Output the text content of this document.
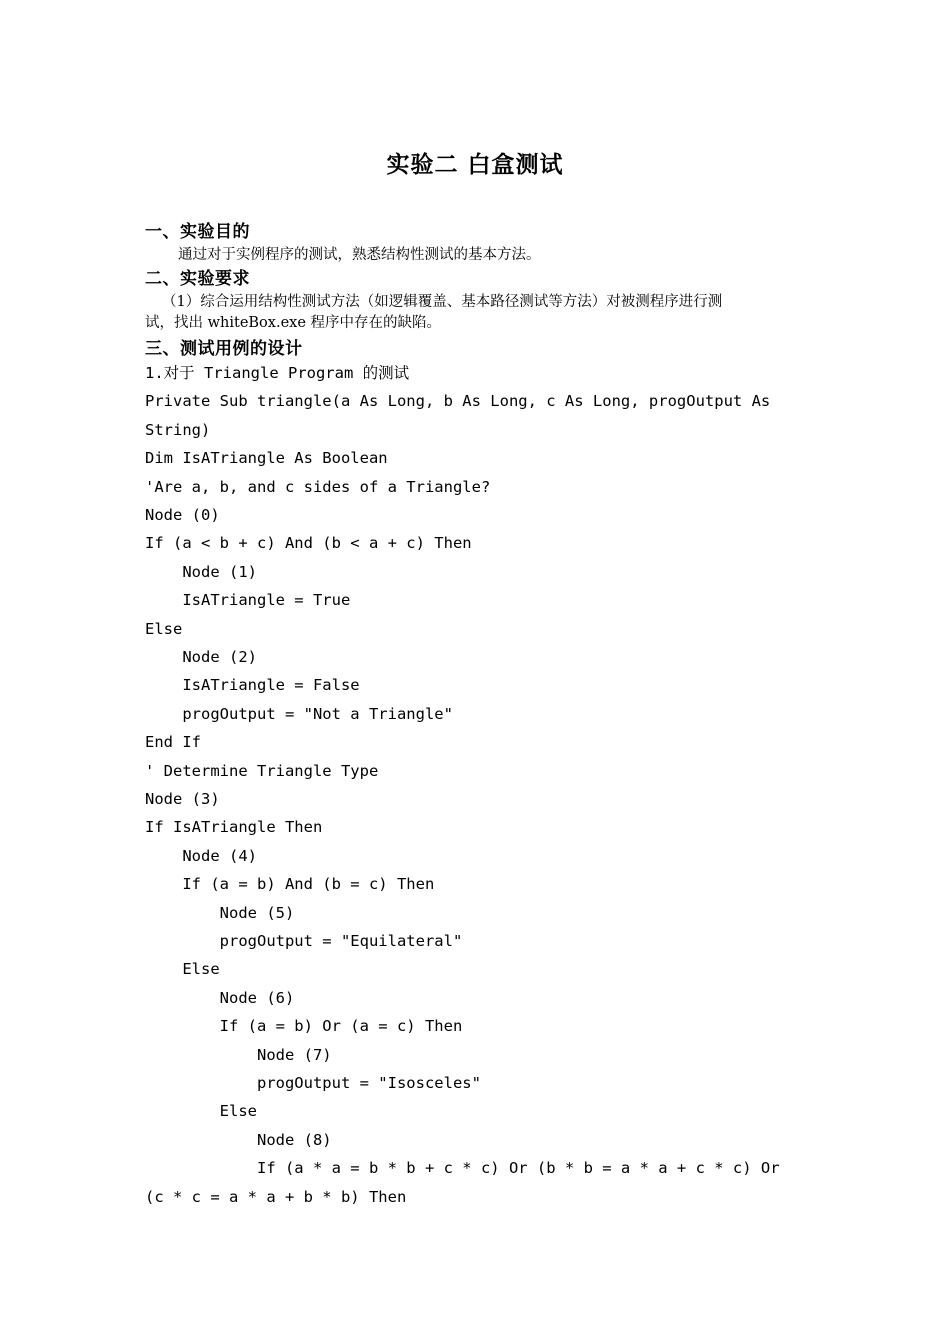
实验二 白盒测试
一、实验目的
通过对于实例程序的测试，熟悉结构性测试的基本方法。
二、实验要求
（1）综合运用结构性测试方法（如逻辑覆盖、基本路径测试等方法）对被测程序进行测
试，找出 whiteBox.exe 程序中存在的缺陷。
三、测试用例的设计
1.对于 Triangle Program 的测试
Private Sub triangle(a As Long, b As Long, c As Long, progOutput As
String)
Dim IsATriangle As Boolean
'Are a, b, and c sides of a Triangle?
Node (0)
If (a < b + c) And (b < a + c) Then
Node (1)
IsATriangle = True
Else
Node (2)
IsATriangle = False
progOutput = "Not a Triangle"
End If
' Determine Triangle Type
Node (3)
If IsATriangle Then
Node (4)
If (a = b) And (b = c) Then
Node (5)
progOutput = "Equilateral"
Else
Node (6)
If (a = b) Or (a = c) Then
Node (7)
progOutput = "Isosceles"
Else
Node (8)
If (a * a = b * b + c * c) Or (b * b = a * a + c * c) Or
(c * c = a * a + b * b) Then
